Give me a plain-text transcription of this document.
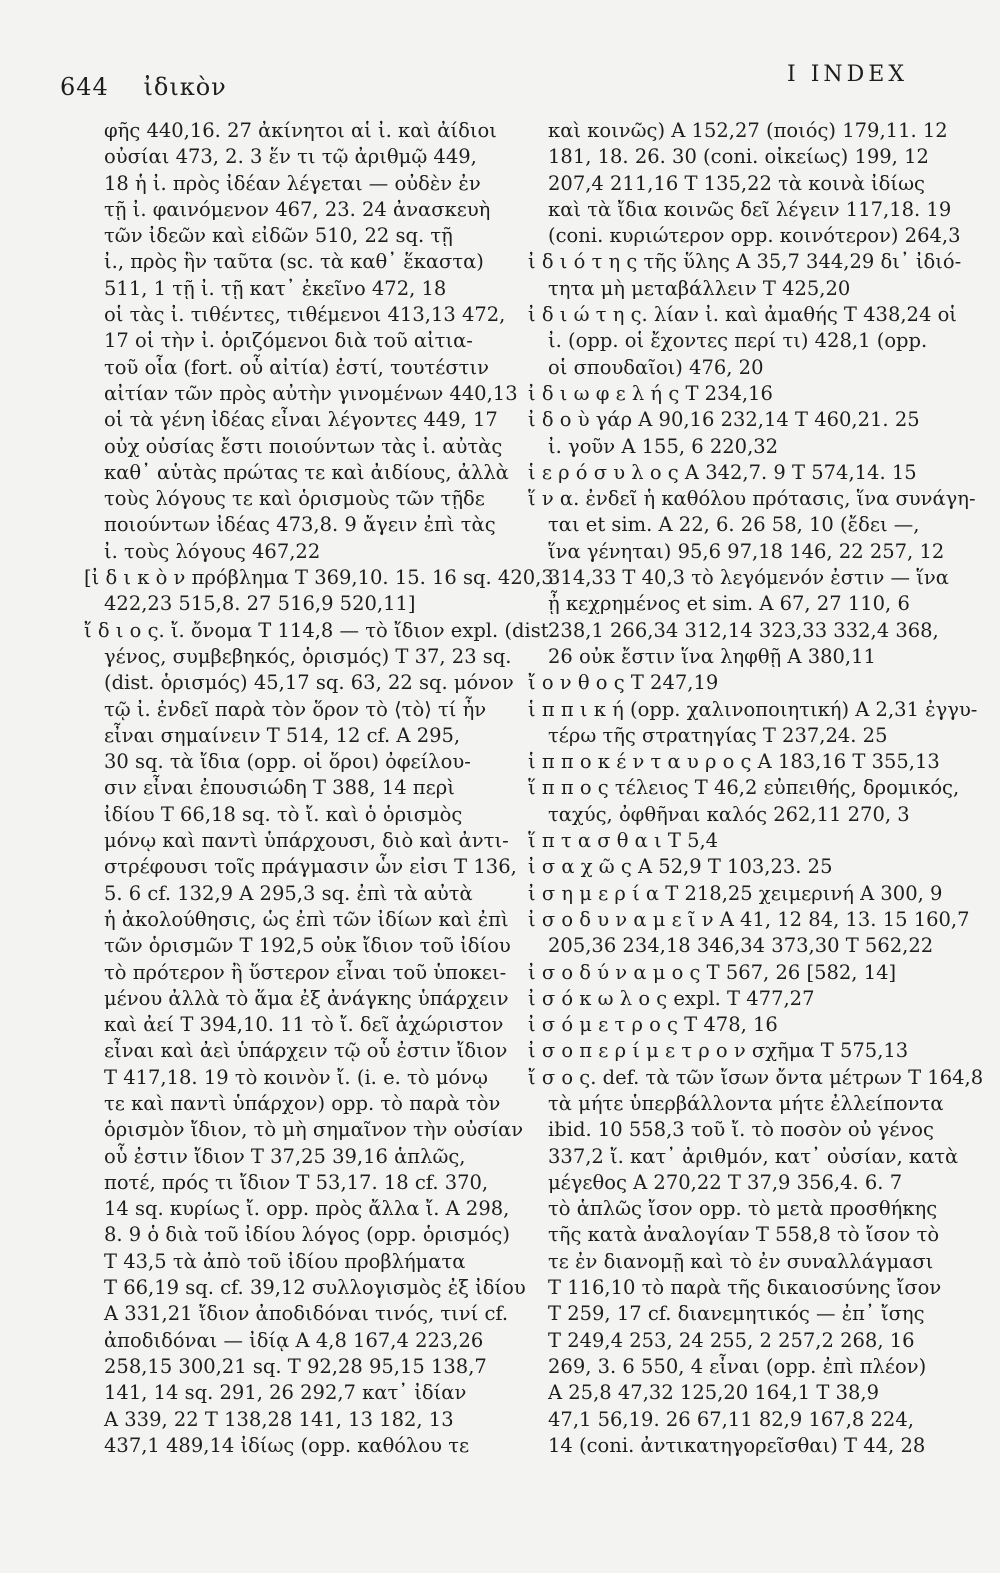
644 ἰδικὸν	I INDEX
φῆς 440,16. 27 ἀκίνητοι αἱ ἰ. καὶ ἀίδιοι
οὐσίαι 473, 2. 3 ἕν τι τῷ ἀριθμῷ 449,
18 ἡ ἰ. πρὸς ἰδέαν λέγεται — οὐδὲν ἐν
τῇ ἰ. φαινόμενον 467, 23. 24 ἀνασκευὴ
τῶν ἰδεῶν καὶ εἰδῶν 510, 22 sq. τῇ
ἰ., πρὸς ἣν ταῦτα (sc. τὰ καθ᾽ ἕκαστα)
511, 1 τῇ ἰ. τῇ κατ᾽ ἐκεῖνο 472, 18
οἱ τὰς ἰ. τιθέντες, τιθέμενοι 413,13 472,
17 οἱ τὴν ἰ. ὁριζόμενοι διὰ τοῦ αἰτια-
τοῦ οἷα (fort. οὗ αἰτία) ἐστί, τουτέστιν
αἰτίαν τῶν πρὸς αὐτὴν γινομένων 440,13
οἱ τὰ γένη ἰδέας εἶναι λέγοντες 449, 17
οὐχ οὐσίας ἔστι ποιούντων τὰς ἰ. αὐτὰς
καθ᾽ αὑτὰς πρώτας τε καὶ ἀιδίους, ἀλλὰ
τοὺς λόγους τε καὶ ὁρισμοὺς τῶν τῇδε
ποιούντων ἰδέας 473,8. 9 ἄγειν ἐπὶ τὰς
ἰ. τοὺς λόγους 467,22
[ἰ δ ι κ ὸ ν πρόβλημα T 369,10. 15. 16 sq. 420,3
422,23 515,8. 27 516,9 520,11]
ἴ δ ι ο ς. ἴ. ὄνομα T 114,8 — τὸ ἴδιον expl. (dist.
γένος, συμβεβηκός, ὁρισμός) T 37, 23 sq.
(dist. ὁρισμός) 45,17 sq. 63, 22 sq. μόνον
τῷ ἰ. ἐνδεῖ παρὰ τὸν ὅρον τὸ ⟨τὸ⟩ τί ἦν
εἶναι σημαίνειν T 514, 12 cf. A 295,
30 sq. τὰ ἴδια (opp. οἱ ὅροι) ὀφείλου-
σιν εἶναι ἐπουσιώδη T 388, 14 περὶ
ἰδίου T 66,18 sq. τὸ ἴ. καὶ ὁ ὁρισμὸς
μόνῳ καὶ παντὶ ὑπάρχουσι, διὸ καὶ ἀντι-
στρέφουσι τοῖς πράγμασιν ὧν εἰσι T 136,
5. 6 cf. 132,9 A 295,3 sq. ἐπὶ τὰ αὐτὰ
ἡ ἀκολούθησις, ὡς ἐπὶ τῶν ἰδίων καὶ ἐπὶ
τῶν ὁρισμῶν T 192,5 οὐκ ἴδιον τοῦ ἰδίου
τὸ πρότερον ἢ ὕστερον εἶναι τοῦ ὑποκει-
μένου ἀλλὰ τὸ ἅμα ἐξ ἀνάγκης ὑπάρχειν
καὶ ἀεί T 394,10. 11 τὸ ἴ. δεῖ ἀχώριστον
εἶναι καὶ ἀεὶ ὑπάρχειν τῷ οὗ ἐστιν ἴδιον
T 417,18. 19 τὸ κοινὸν ἴ. (i. e. τὸ μόνῳ
τε καὶ παντὶ ὑπάρχον) opp. τὸ παρὰ τὸν
ὁρισμὸν ἴδιον, τὸ μὴ σημαῖνον τὴν οὐσίαν
οὗ ἐστιν ἴδιον T 37,25 39,16 ἁπλῶς,
ποτέ, πρός τι ἴδιον T 53,17. 18 cf. 370,
14 sq. κυρίως ἴ. opp. πρὸς ἄλλα ἴ. A 298,
8. 9 ὁ διὰ τοῦ ἰδίου λόγος (opp. ὁρισμός)
T 43,5 τὰ ἀπὸ τοῦ ἰδίου προβλήματα
T 66,19 sq. cf. 39,12 συλλογισμὸς ἐξ ἰδίου
A 331,21 ἴδιον ἀποδιδόναι τινός, τινί cf.
ἀποδιδόναι — ἰδίᾳ A 4,8 167,4 223,26
258,15 300,21 sq. T 92,28 95,15 138,7
141, 14 sq. 291, 26 292,7 κατ᾽ ἰδίαν
A 339, 22 T 138,28 141, 13 182, 13
437,1 489,14 ἰδίως (opp. καθόλου τε
καὶ κοινῶς) A 152,27 (ποιός) 179,11. 12
181, 18. 26. 30 (coni. οἰκείως) 199, 12
207,4 211,16 T 135,22 τὰ κοινὰ ἰδίως
καὶ τὰ ἴδια κοινῶς δεῖ λέγειν 117,18. 19
(coni. κυριώτερον opp. κοινότερον) 264,3
ἰ δ ι ό τ η ς τῆς ὕλης A 35,7 344,29 δι᾽ ἰδιό-
τητα μὴ μεταβάλλειν T 425,20
ἰ δ ι ώ τ η ς. λίαν ἰ. καὶ ἀμαθής T 438,24 οἱ
ἰ. (opp. οἱ ἔχοντες περί τι) 428,1 (opp.
οἱ σπουδαῖοι) 476, 20
ἰ δ ι ω φ ε λ ή ς T 234,16
ἰ δ ο ὺ γάρ A 90,16 232,14 T 460,21. 25
ἰ. γοῦν A 155, 6 220,32
ἱ ε ρ ό σ υ λ ο ς A 342,7. 9 T 574,14. 15
ἵ ν α. ἐνδεῖ ἡ καθόλου πρότασις, ἵνα συνάγη-
ται et sim. A 22, 6. 26 58, 10 (ἔδει —,
ἵνα γένηται) 95,6 97,18 146, 22 257, 12
314,33 T 40,3 τὸ λεγόμενόν ἐστιν — ἵνα
ᾖ κεχρημένος et sim. A 67, 27 110, 6
238,1 266,34 312,14 323,33 332,4 368,
26 οὐκ ἔστιν ἵνα ληφθῇ A 380,11
ἴ ο ν θ ο ς T 247,19
ἱ π π ι κ ή (opp. χαλινοποιητική) A 2,31 ἐγγυ-
τέρω τῆς στρατηγίας T 237,24. 25
ἱ π π ο κ έ ν τ α υ ρ ο ς A 183,16 T 355,13
ἵ π π ο ς τέλειος T 46,2 εὐπειθής, δρομικός,
ταχύς, ὀφθῆναι καλός 262,11 270, 3
ἵ π τ α σ θ α ι T 5,4
ἰ σ α χ ῶ ς A 52,9 T 103,23. 25
ἰ σ η μ ε ρ ί α T 218,25 χειμερινή A 300, 9
ἰ σ ο δ υ ν α μ ε ῖ ν A 41, 12 84, 13. 15 160,7
205,36 234,18 346,34 373,30 T 562,22
ἰ σ ο δ ύ ν α μ ο ς T 567, 26 [582, 14]
ἰ σ ό κ ω λ ο ς expl. T 477,27
ἰ σ ό μ ε τ ρ ο ς T 478, 16
ἰ σ ο π ε ρ ί μ ε τ ρ ο ν σχῆμα T 575,13
ἴ σ ο ς. def. τὰ τῶν ἴσων ὄντα μέτρων T 164,8
τὰ μήτε ὑπερβάλλοντα μήτε ἐλλείποντα
ibid. 10 558,3 τοῦ ἴ. τὸ ποσὸν οὐ γένος
337,2 ἴ. κατ᾽ ἀριθμόν, κατ᾽ οὐσίαν, κατὰ
μέγεθος A 270,22 T 37,9 356,4. 6. 7
τὸ ἁπλῶς ἴσον opp. τὸ μετὰ προσθήκης
τῆς κατὰ ἀναλογίαν T 558,8 τὸ ἴσον τὸ
τε ἐν διανομῇ καὶ τὸ ἐν συναλλάγμασι
T 116,10 τὸ παρὰ τῆς δικαιοσύνης ἴσον
T 259, 17 cf. διανεμητικός — ἐπ᾽ ἴσης
T 249,4 253, 24 255, 2 257,2 268, 16
269, 3. 6 550, 4 εἶναι (opp. ἐπὶ πλέον)
A 25,8 47,32 125,20 164,1 T 38,9
47,1 56,19. 26 67,11 82,9 167,8 224,
14 (coni. ἀντικατηγορεῖσθαι) T 44, 28
